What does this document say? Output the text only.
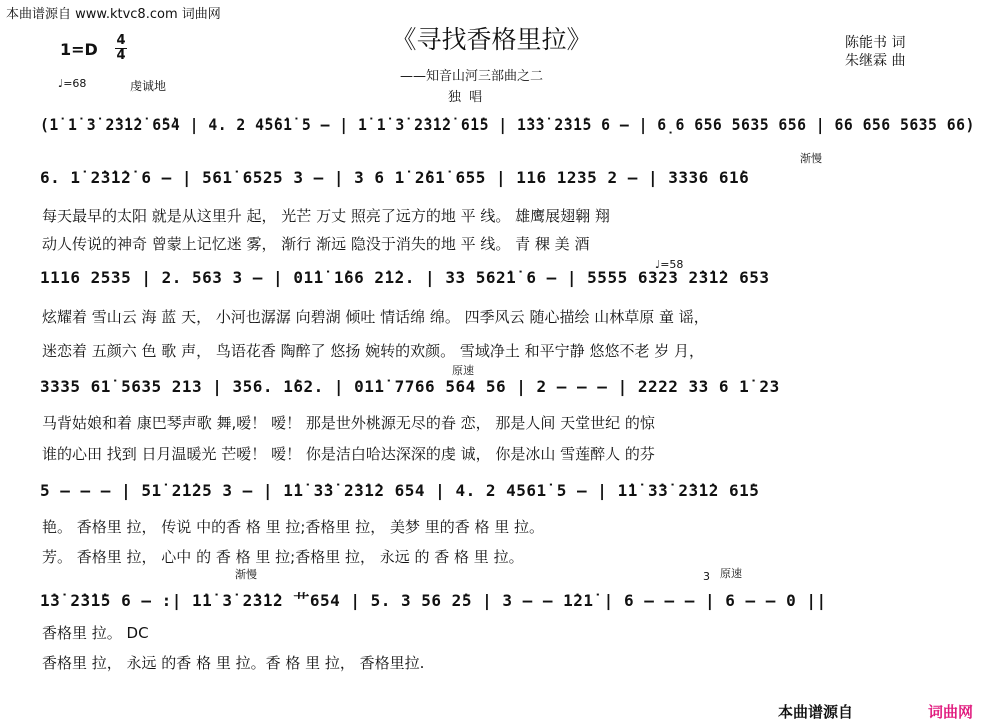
本曲谱源自 www.ktvc8.com 词曲网
《寻找香格里拉》	陈能书 词
朱继霖 曲
——知音山河三部曲之二
独 唱
1=D 4
4
♩=68	虔诚地
(1̇ 1̇ 3̇ 2̇3̇1̇2̇ 6̇5̇4 | 4. 2 4̇5̇6̇1̇ 5 – | 1̇ 1̇ 3̇ 2̇3̇1̇2̇ 6̇1̇5 | 1̇3̇3̇ 2̇3̇1̇5 6 – | 6̣6 656 5635 656 | 66 656 5635 66)
渐慢
6. 1̇ 2̇3̇1̇2̇ 6 – | 561̇ 6525 3 – | 3 6 1̇ 2̇61̇ 655 | 116 1235 2 – | 3336 61̇6
每天最早的太阳 就是从这里升 起， 光芒 万丈 照亮了远方的地 平 线。 雄鹰展翅翱 翔
动人传说的神奇 曾蒙上记忆迷 雾， 渐行 渐远 隐没于消失的地 平 线。 青 稞 美 酒
♩=58
1116 2535 | 2. 563 3 – | 01̇1̇ 1̇66 2̇1̇2. | 33 562̇1̇ 6 – | 5555 6323 2̇3̇1̇2 653
炫耀着 雪山云 海 蓝 天， 小河也潺潺 向碧湖 倾吐 情话绵 绵。 四季风云 随心描绘 山林草原 童 谣，
迷恋着 五颜六 色 歌 声， 鸟语花香 陶醉了 悠扬 婉转的欢颜。 雪域净土 和平宁静 悠悠不老 岁 月，
原速
3335 61̇ 5635 213 | 356. 1̇62. | 01̇1̇ 7766 564 56 | 2 – – – | 2222 33 6 1̇ 23
马背姑娘和着 康巴琴声歌 舞,嗳！ 嗳！ 那是世外桃源无尽的眷 恋， 那是人间 天堂世纪 的惊
谁的心田 找到 日月温暖光 芒嗳！ 嗳！ 你是洁白哈达深深的虔 诚， 你是冰山 雪莲醉人 的芬
5 – – – | 51̇ 2̇1̇25 3 – | 1̇1̇ 3̇3̇ 2̇3̇1̇2 654 | 4. 2 4561̇ 5 – | 1̇1̇ 3̇3̇ 2̇3̇1̇2 61̇5
艳。 香格里 拉， 传说 中的香 格 里 拉;香格里 拉， 美梦 里的香 格 里 拉。
芳。 香格里 拉， 心中 的 香 格 里 拉;香格里 拉， 永远 的 香 格 里 拉。
渐慢	3 原速
1̇3̇ 2̇3̇1̇5 6 – :| 1̇1̇ 3̇ 2̇3̇1̇2 ⺾654 | 5. 3 56 2̇5 | 3 – – 1̇21̇ | 6 – – – | 6 – – 0 ||
香格里 拉。 DC
香格里 拉， 永远 的香 格 里 拉。香 格 里 拉， 香格里拉.
本曲谱源自	词曲网
